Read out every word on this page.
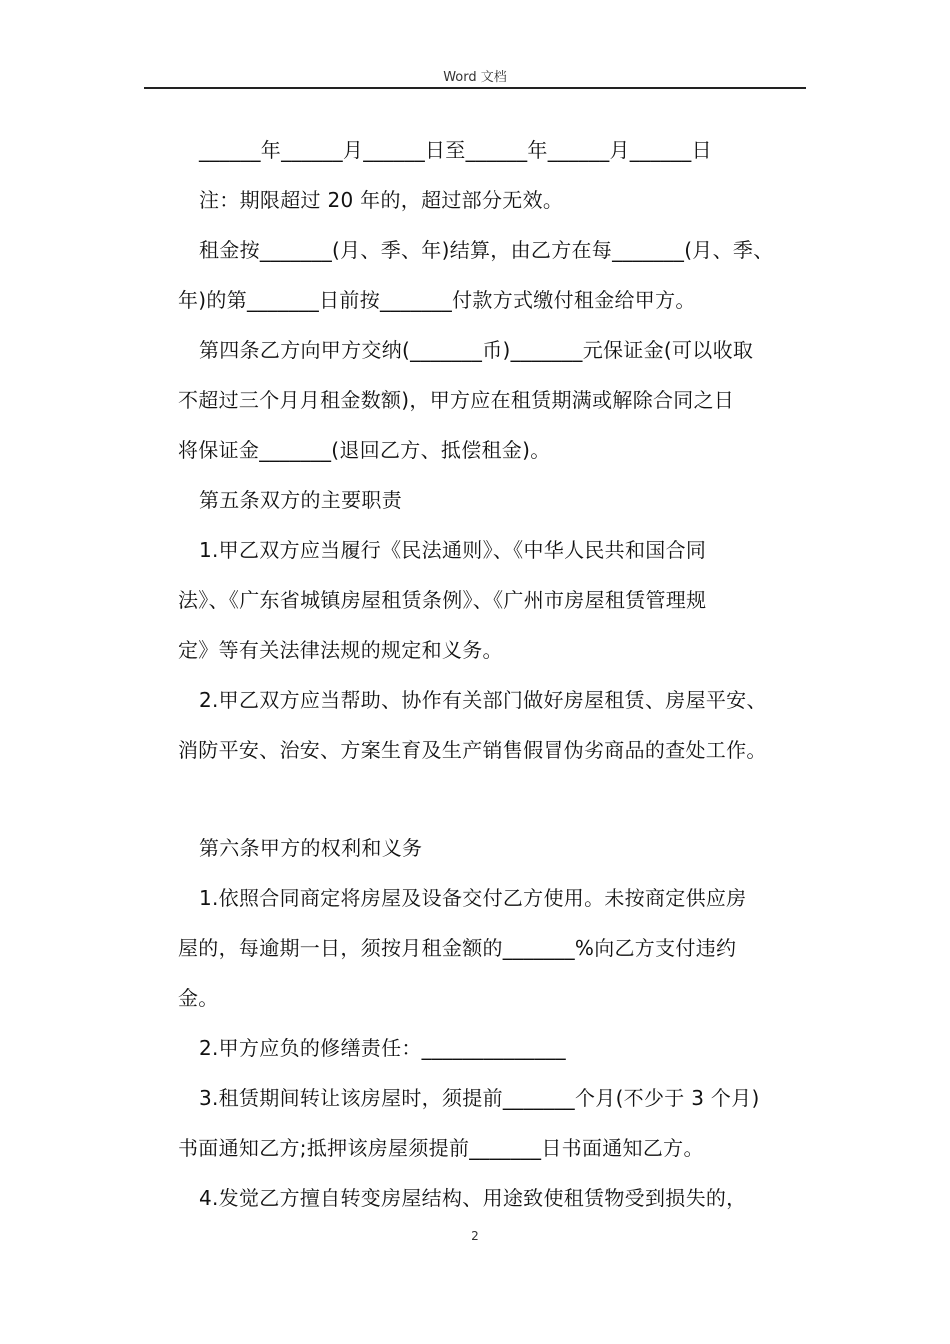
Word 文档
______年______月______日至______年______月______日
注：期限超过 20 年的，超过部分无效。
租金按_______(月、季、年)结算，由乙方在每_______(月、季、
年)的第_______日前按_______付款方式缴付租金给甲方。
第四条乙方向甲方交纳(_______币)_______元保证金(可以收取
不超过三个月月租金数额)，甲方应在租赁期满或解除合同之日
将保证金_______(退回乙方、抵偿租金)。
第五条双方的主要职责
1.甲乙双方应当履行《民法通则》、《中华人民共和国合同
法》、《广东省城镇房屋租赁条例》、《广州市房屋租赁管理规
定》等有关法律法规的规定和义务。
2.甲乙双方应当帮助、协作有关部门做好房屋租赁、房屋平安、
消防平安、治安、方案生育及生产销售假冒伪劣商品的查处工作。
第六条甲方的权利和义务
1.依照合同商定将房屋及设备交付乙方使用。未按商定供应房
屋的，每逾期一日，须按月租金额的_______%向乙方支付违约
金。
2.甲方应负的修缮责任：______________
3.租赁期间转让该房屋时，须提前_______个月(不少于 3 个月)
书面通知乙方;抵押该房屋须提前_______日书面通知乙方。
4.发觉乙方擅自转变房屋结构、用途致使租赁物受到损失的，
2
